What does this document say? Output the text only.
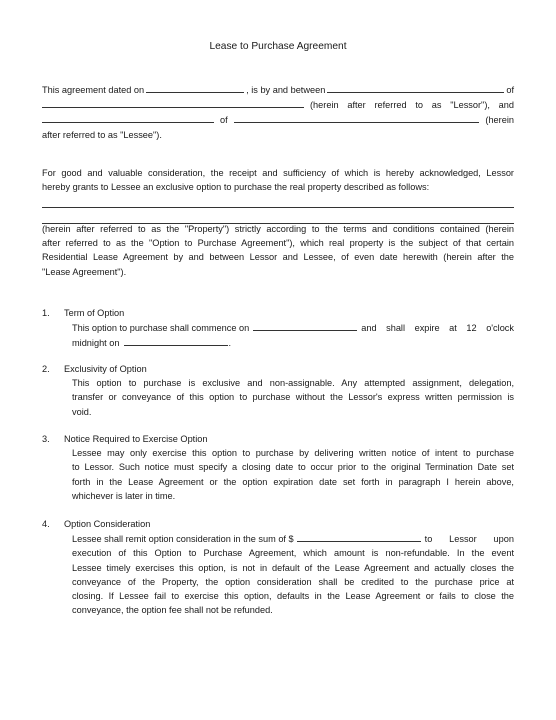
Lease to Purchase Agreement
This agreement dated on	, is by and between	of
(herein after referred to as "Lessor"), and
of	(herein
after referred to as "Lessee").
For good and valuable consideration, the receipt and sufficiency of which is hereby acknowledged, Lessor
hereby grants to Lessee an exclusive option to purchase the real property described as follows:
(herein after referred to as the "Property") strictly according to the terms and conditions contained (herein
after referred to as the "Option to Purchase Agreement"), which real property is the subject of that certain
Residential Lease Agreement by and between Lessor and Lessee, of even date herewith (herein after the
"Lease Agreement").
1.	Term of Option
This option to purchase shall commence on	and shall expire at 12 o'clock
midnight on	.
2.	Exclusivity of Option
This option to purchase is exclusive and non-assignable. Any attempted assignment, delegation,
transfer or conveyance of this option to purchase without the Lessor's express written permission is
void.
3.	Notice Required to Exercise Option
Lessee may only exercise this option to purchase by delivering written notice of intent to purchase
to Lessor. Such notice must specify a closing date to occur prior to the original Termination Date set
forth in the Lease Agreement or the option expiration date set forth in paragraph I herein above,
whichever is later in time.
4.	Option Consideration
Lessee shall remit option consideration in the sum of $	to Lessor upon
execution of this Option to Purchase Agreement, which amount is non-refundable. In the event
Lessee timely exercises this option, is not in default of the Lease Agreement and actually closes the
conveyance of the Property, the option consideration shall be credited to the purchase price at
closing. If Lessee fail to exercise this option, defaults in the Lease Agreement or fails to close the
conveyance, the option fee shall not be refunded.
